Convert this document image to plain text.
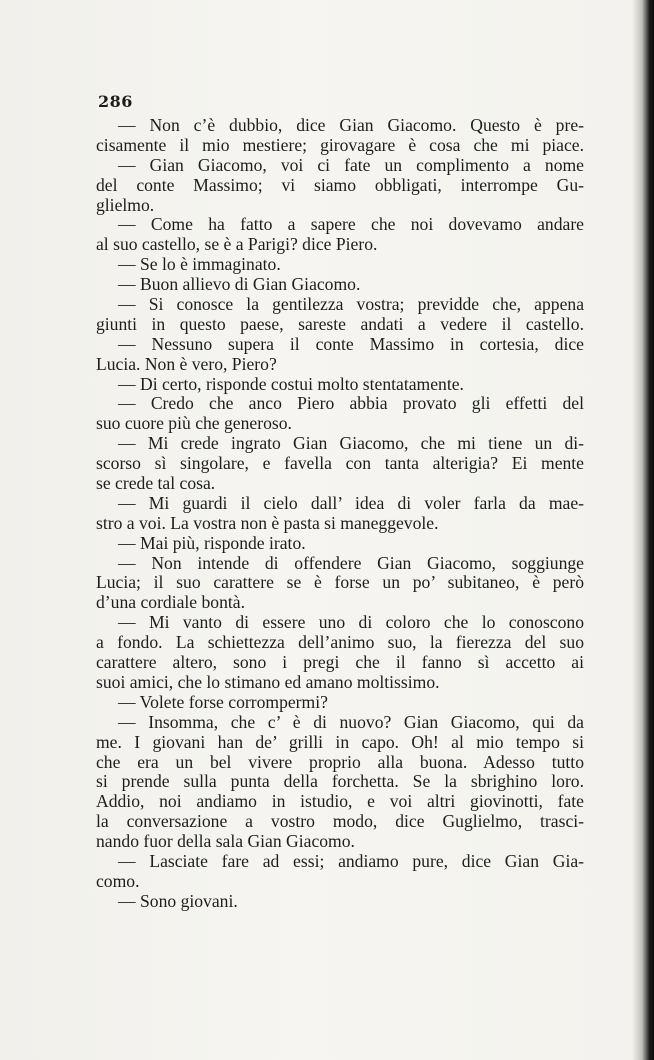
286
— Non c’è dubbio, dice Gian Giacomo. Questo è pre-
cisamente il mio mestiere; girovagare è cosa che mi piace.
— Gian Giacomo, voi ci fate un complimento a nome
del conte Massimo; vi siamo obbligati, interrompe Gu-
glielmo.
— Come ha fatto a sapere che noi dovevamo andare
al suo castello, se è a Parigi? dice Piero.
— Se lo è immaginato.
— Buon allievo di Gian Giacomo.
— Si conosce la gentilezza vostra; previdde che, appena
giunti in questo paese, sareste andati a vedere il castello.
— Nessuno supera il conte Massimo in cortesia, dice
Lucia. Non è vero, Piero?
— Di certo, risponde costui molto stentatamente.
— Credo che anco Piero abbia provato gli effetti del
suo cuore più che generoso.
— Mi crede ingrato Gian Giacomo, che mi tiene un di-
scorso sì singolare, e favella con tanta alterigia? Ei mente
se crede tal cosa.
— Mi guardi il cielo dall’ idea di voler farla da mae-
stro a voi. La vostra non è pasta si maneggevole.
— Mai più, risponde irato.
— Non intende di offendere Gian Giacomo, soggiunge
Lucia; il suo carattere se è forse un po’ subitaneo, è però
d’una cordiale bontà.
— Mi vanto di essere uno di coloro che lo conoscono
a fondo. La schiettezza dell’animo suo, la fierezza del suo
carattere altero, sono i pregi che il fanno sì accetto ai
suoi amici, che lo stimano ed amano moltissimo.
— Volete forse corrompermi?
— Insomma, che c’ è di nuovo? Gian Giacomo, qui da
me. I giovani han de’ grilli in capo. Oh! al mio tempo si
che era un bel vivere proprio alla buona. Adesso tutto
si prende sulla punta della forchetta. Se la sbrighino loro.
Addio, noi andiamo in istudio, e voi altri giovinotti, fate
la conversazione a vostro modo, dice Guglielmo, trasci-
nando fuor della sala Gian Giacomo.
— Lasciate fare ad essi; andiamo pure, dice Gian Gia-
como.
— Sono giovani.
